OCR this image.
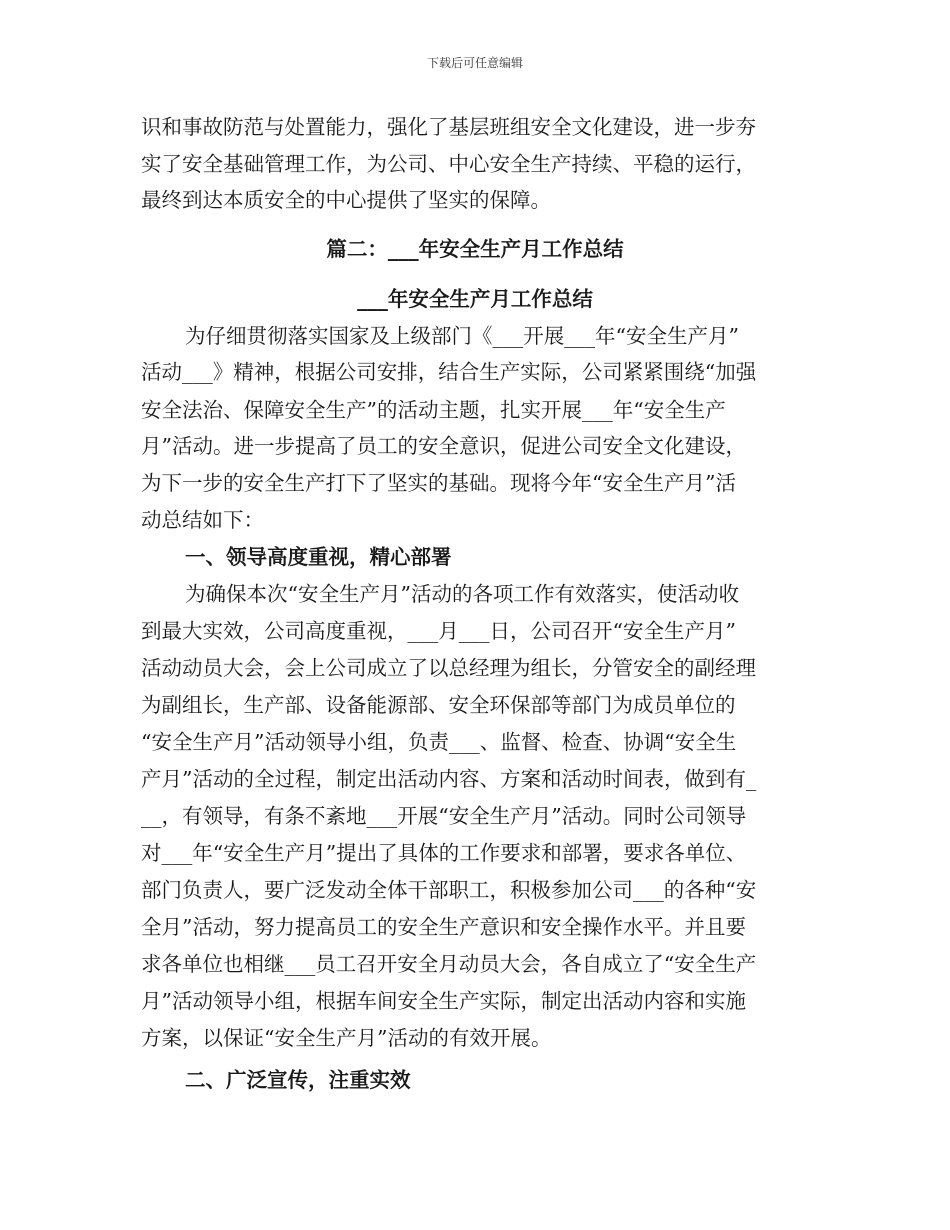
下载后可任意编辑

识和事故防范与处置能力，强化了基层班组安全文化建设，进一步夯

实了安全基础管理工作，为公司、中心安全生产持续、平稳的运行，

最终到达本质安全的中心提供了坚实的保障。

篇二：___年安全生产月工作总结

___年安全生产月工作总结

为仔细贯彻落实国家及上级部门《___开展___年“安全生产月”

活动___》精神，根据公司安排，结合生产实际，公司紧紧围绕“加强

安全法治、保障安全生产”的活动主题，扎实开展___年“安全生产

月”活动。进一步提高了员工的安全意识，促进公司安全文化建设，

为下一步的安全生产打下了坚实的基础。现将今年“安全生产月”活

动总结如下：

一、领导高度重视，精心部署

为确保本次“安全生产月”活动的各项工作有效落实，使活动收

到最大实效，公司高度重视，___月___日，公司召开“安全生产月”

活动动员大会，会上公司成立了以总经理为组长，分管安全的副经理

为副组长，生产部、设备能源部、安全环保部等部门为成员单位的

“安全生产月”活动领导小组，负责___、监督、检查、协调“安全生

产月”活动的全过程，制定出活动内容、方案和活动时间表，做到有_

__，有领导，有条不紊地___开展“安全生产月”活动。同时公司领导

对___年“安全生产月”提出了具体的工作要求和部署，要求各单位、

部门负责人，要广泛发动全体干部职工，积极参加公司___的各种“安

全月”活动，努力提高员工的安全生产意识和安全操作水平。并且要

求各单位也相继___员工召开安全月动员大会，各自成立了“安全生产

月”活动领导小组，根据车间安全生产实际，制定出活动内容和实施

方案，以保证“安全生产月”活动的有效开展。

二、广泛宣传，注重实效
